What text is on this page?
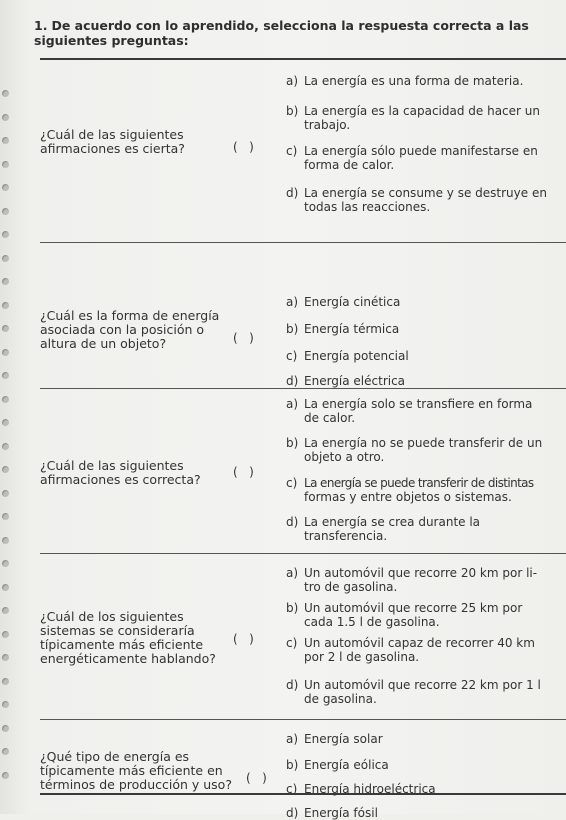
1. De acuerdo con lo aprendido, selecciona la respuesta correcta a las siguientes preguntas:
¿Cuál de las siguientes afirmaciones es cierta?	(   )
a) La energía es una forma de materia.
b) La energía es la capacidad de hacer un
trabajo.
c) La energía sólo puede manifestarse en
forma de calor.
d) La energía se consume y se destruye en
todas las reacciones.
¿Cuál es la forma de energía asociada con la posición o altura de un objeto?	(   )
a) Energía cinética
b) Energía térmica
c) Energía potencial
d) Energía eléctrica
¿Cuál de las siguientes afirmaciones es correcta?	(   )
a) La energía solo se transfiere en forma
de calor.
b) La energía no se puede transferir de un
objeto a otro.
c) La energía se puede transferir de distintas
formas y entre objetos o sistemas.
d) La energía se crea durante la
transferencia.
¿Cuál de los siguientes sistemas se consideraría típicamente más eficiente energéticamente hablando?
(   )
a) Un automóvil que recorre 20 km por li-
tro de gasolina.
b) Un automóvil que recorre 25 km por
cada 1.5 l de gasolina.
c) Un automóvil capaz de recorrer 40 km
por 2 l de gasolina.
d) Un automóvil que recorre 22 km por 1 l
de gasolina.
¿Qué tipo de energía es típicamente más eficiente en términos de producción y uso?	(   )
a) Energía solar
b) Energía eólica
c) Energía hidroeléctrica
d) Energía fósil
